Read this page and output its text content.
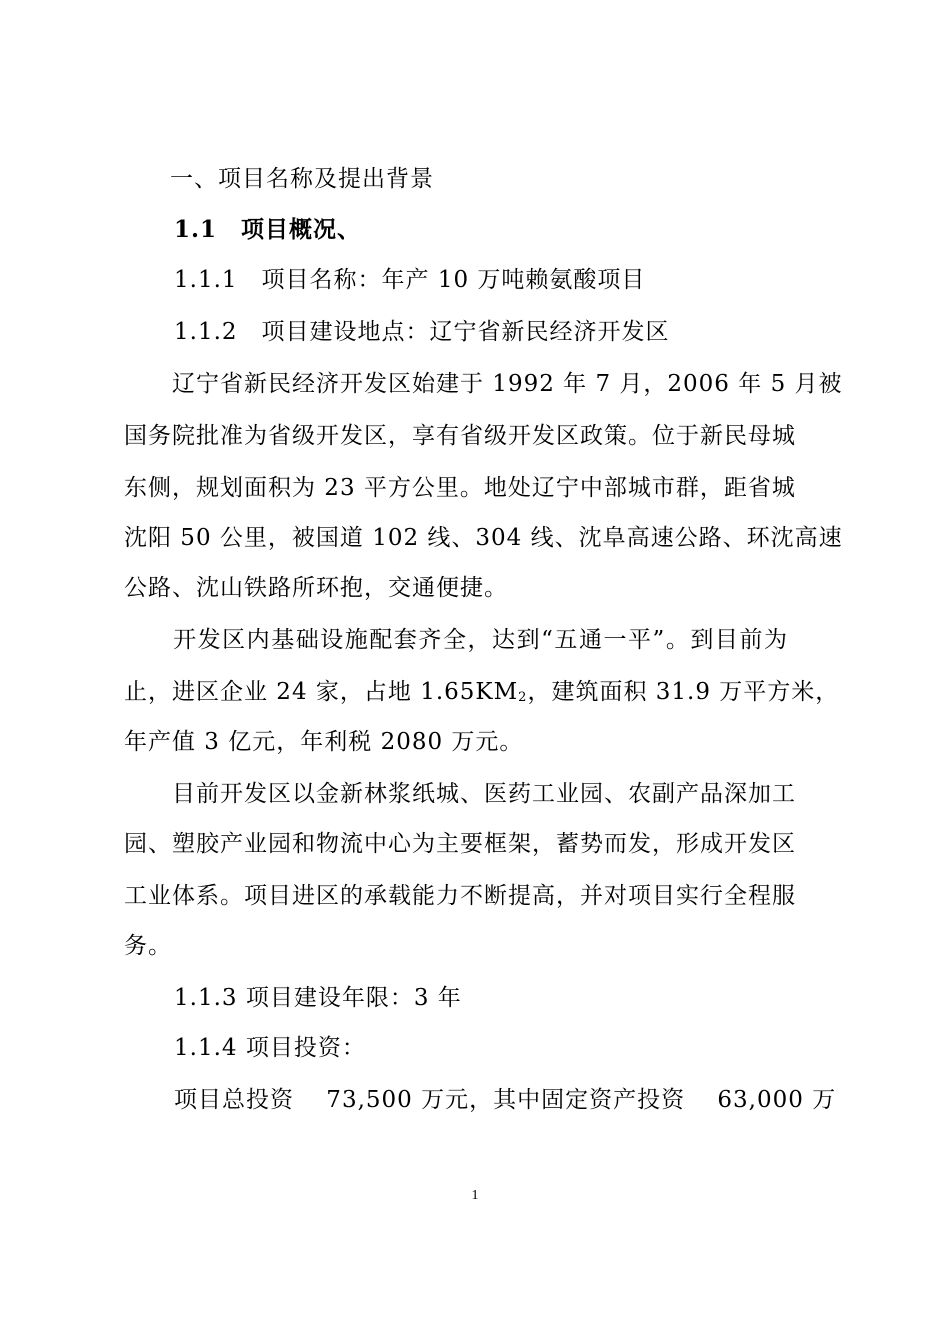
一、项目名称及提出背景
1.1　项目概况、
1.1.1　项目名称：年产 10 万吨赖氨酸项目
1.1.2　项目建设地点：辽宁省新民经济开发区
　　辽宁省新民经济开发区始建于 1992 年 7 月，2006 年 5 月被
国务院批准为省级开发区，享有省级开发区政策。位于新民母城
东侧，规划面积为 23 平方公里。地处辽宁中部城市群，距省城
沈阳 50 公里，被国道 102 线、304 线、沈阜高速公路、环沈高速
公路、沈山铁路所环抱，交通便捷。
　　开发区内基础设施配套齐全，达到“五通一平”。到目前为
止，进区企业 24 家，占地 $1.65KM_2$，建筑面积 31.9 万平方米，
年产值 3 亿元，年利税 2080 万元。
　　目前开发区以金新林浆纸城、医药工业园、农副产品深加工
园、塑胶产业园和物流中心为主要框架，蓄势而发，形成开发区
工业体系。项目进区的承载能力不断提高，并对项目实行全程服
务。
1.1.3 项目建设年限：3 年
1.1.4 项目投资：
项目总投资　 73,500 万元，其中固定资产投资　 63,000 万
1
